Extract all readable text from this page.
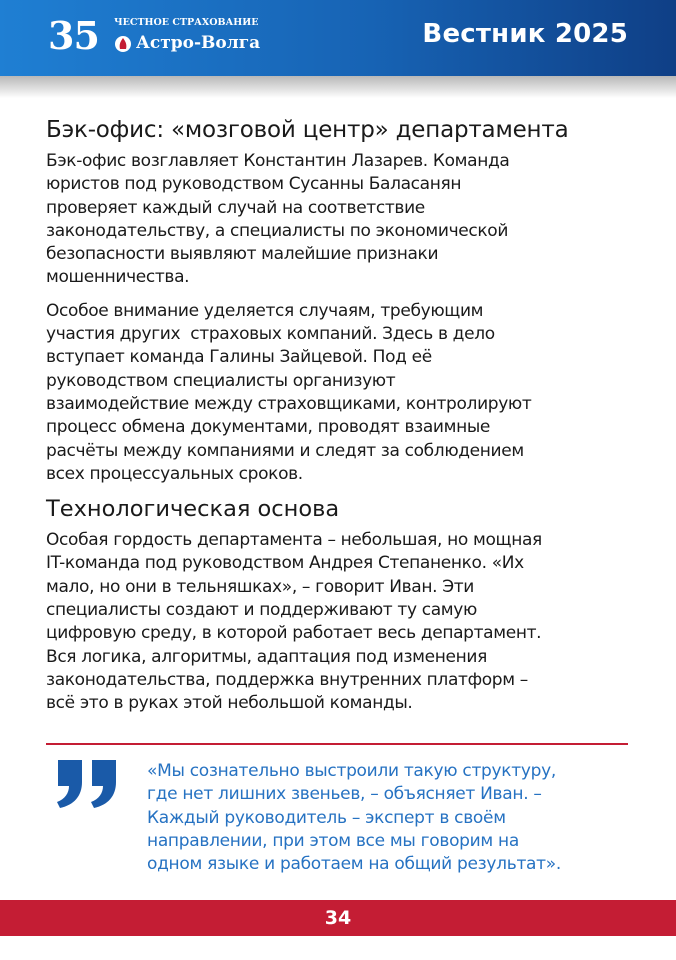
35 ЧЕСТНОЕ СТРАХОВАНИЕ
Астро-Волга	Вестник 2025
Бэк-офис: «мозговой центр» департамента

Бэк-офис возглавляет Константин Лазарев. Команда

юристов под руководством Сусанны Баласанян

проверяет каждый случай на соответствие

законодательству, а специалисты по экономической

безопасности выявляют малейшие признаки

мошенничества.

Особое внимание уделяется случаям, требующим

участия других  страховых компаний. Здесь в дело

вступает команда Галины Зайцевой. Под её

руководством специалисты организуют

взаимодействие между страховщиками, контролируют

процесс обмена документами, проводят взаимные

расчёты между компаниями и следят за соблюдением

всех процессуальных сроков.

Технологическая основа

Особая гордость департамента – небольшая, но мощная

IT-команда под руководством Андрея Степаненко. «Их

мало, но они в тельняшках», – говорит Иван. Эти

специалисты создают и поддерживают ту самую

цифровую среду, в которой работает весь департамент.

Вся логика, алгоритмы, адаптация под изменения

законодательства, поддержка внутренних платформ –

всё это в руках этой небольшой команды.

«Мы сознательно выстроили такую структуру,
где нет лишних звеньев, – объясняет Иван. –
Каждый руководитель – эксперт в своём
направлении, при этом все мы говорим на
одном языке и работаем на общий результат».
34
